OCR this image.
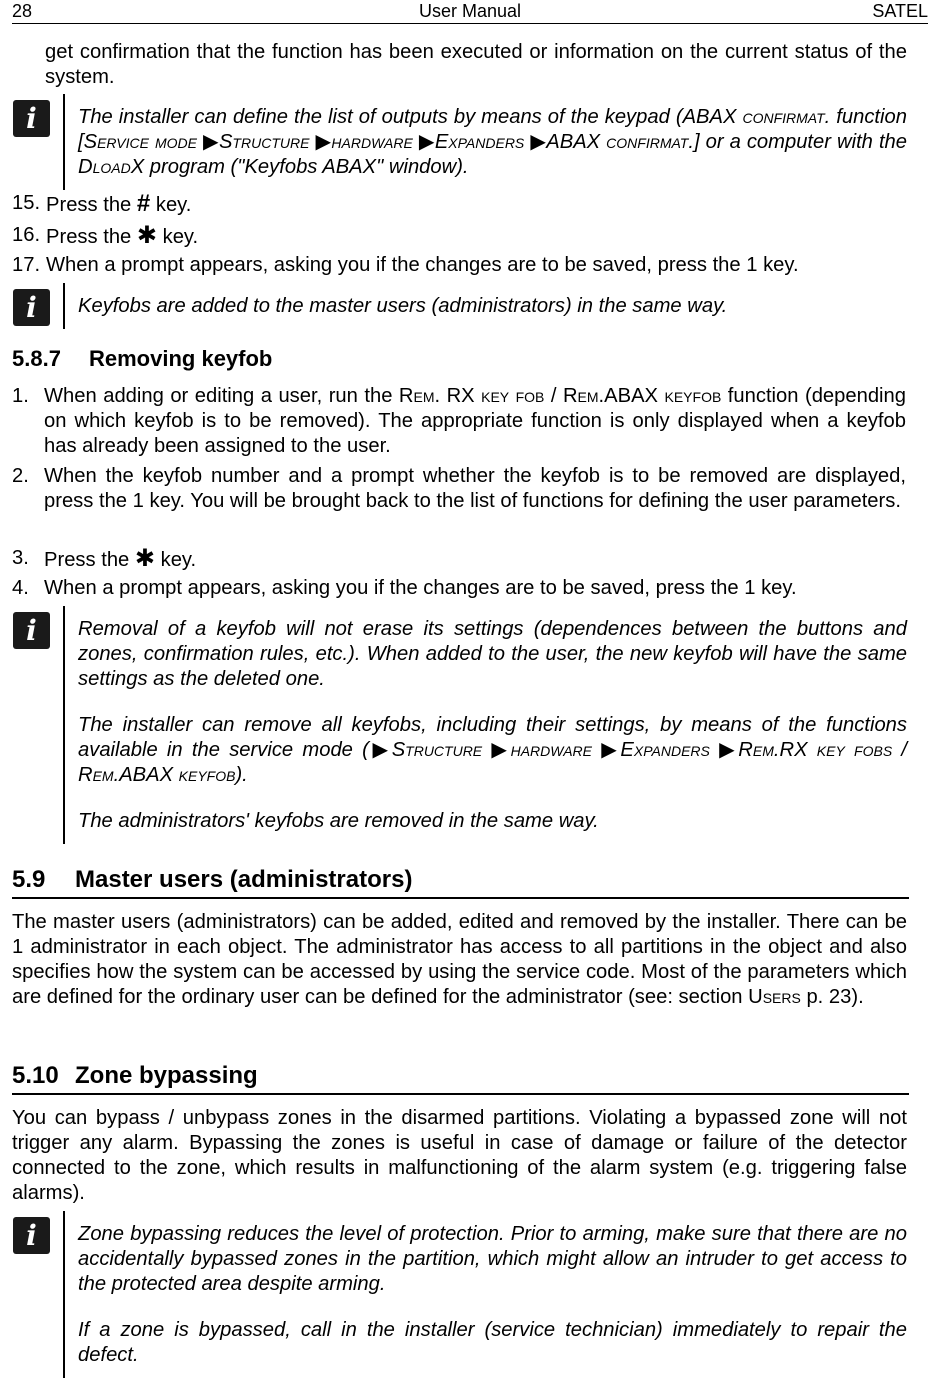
28	User Manual	SATEL

get confirmation that the function has been executed or information on the current status of the system.

i	The installer can define the list of outputs by means of the keypad (ABAX confirmat. function [Service mode ▶Structure ▶hardware ▶Expanders ▶ABAX confirmat.] or a computer with the DloadX program ("Keyfobs ABAX" window).

15. Press the # key.
16. Press the ✱ key.
17. When a prompt appears, asking you if the changes are to be saved, press the 1 key.
i	Keyfobs are added to the master users (administrators) in the same way.

5.8.7 Removing keyfob
1. When adding or editing a user, run the Rem. RX key fob / Rem.ABAX keyfob function (depending on which keyfob is to be removed). The appropriate function is only displayed when a keyfob has already been assigned to the user.
2. When the keyfob number and a prompt whether the keyfob is to be removed are displayed, press the 1 key. You will be brought back to the list of functions for defining the user parameters.
3. Press the ✱ key.
4. When a prompt appears, asking you if the changes are to be saved, press the 1 key.
i	Removal of a keyfob will not erase its settings (dependences between the buttons and zones, confirmation rules, etc.). When added to the user, the new keyfob will have the same settings as the deleted one.

The installer can remove all keyfobs, including their settings, by means of the functions available in the service mode (▶Structure ▶hardware ▶Expanders ▶Rem.RX key fobs / Rem.ABAX keyfob).

The administrators' keyfobs are removed in the same way.

5.9 Master users (administrators)

The master users (administrators) can be added, edited and removed by the installer. There can be 1 administrator in each object. The administrator has access to all partitions in the object and also specifies how the system can be accessed by using the service code. Most of the parameters which are defined for the ordinary user can be defined for the administrator (see: section Users p. 23).

5.10 Zone bypassing

You can bypass / unbypass zones in the disarmed partitions. Violating a bypassed zone will not trigger any alarm. Bypassing the zones is useful in case of damage or failure of the detector connected to the zone, which results in malfunctioning of the alarm system (e.g. triggering false alarms).

i	Zone bypassing reduces the level of protection. Prior to arming, make sure that there are no accidentally bypassed zones in the partition, which might allow an intruder to get access to the protected area despite arming.

If a zone is bypassed, call in the installer (service technician) immediately to repair the defect.
